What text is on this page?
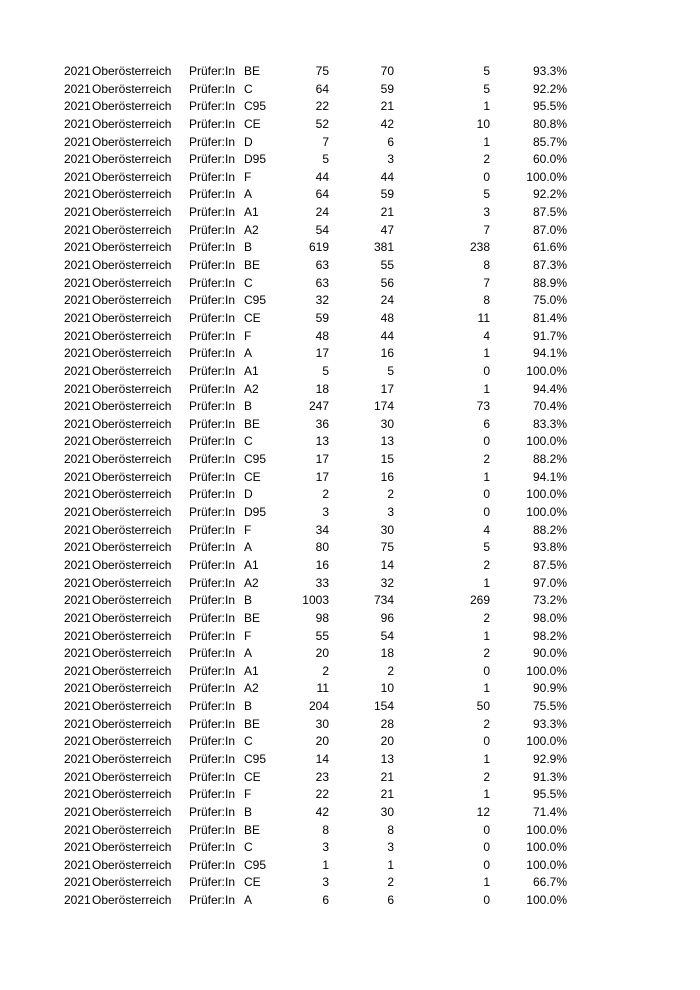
2021 Oberösterreich Prüfer:In BE	75	70	5	93.3%
2021 Oberösterreich Prüfer:In C	64	59	5	92.2%
2021 Oberösterreich Prüfer:In C95	22	21	1	95.5%
2021 Oberösterreich Prüfer:In CE	52	42	10	80.8%
2021 Oberösterreich Prüfer:In D	7	6	1	85.7%
2021 Oberösterreich Prüfer:In D95	5	3	2	60.0%
2021 Oberösterreich Prüfer:In F	44	44	0	100.0%
2021 Oberösterreich Prüfer:In A	64	59	5	92.2%
2021 Oberösterreich Prüfer:In A1	24	21	3	87.5%
2021 Oberösterreich Prüfer:In A2	54	47	7	87.0%
2021 Oberösterreich Prüfer:In B	619	381	238	61.6%
2021 Oberösterreich Prüfer:In BE	63	55	8	87.3%
2021 Oberösterreich Prüfer:In C	63	56	7	88.9%
2021 Oberösterreich Prüfer:In C95	32	24	8	75.0%
2021 Oberösterreich Prüfer:In CE	59	48	11	81.4%
2021 Oberösterreich Prüfer:In F	48	44	4	91.7%
2021 Oberösterreich Prüfer:In A	17	16	1	94.1%
2021 Oberösterreich Prüfer:In A1	5	5	0	100.0%
2021 Oberösterreich Prüfer:In A2	18	17	1	94.4%
2021 Oberösterreich Prüfer:In B	247	174	73	70.4%
2021 Oberösterreich Prüfer:In BE	36	30	6	83.3%
2021 Oberösterreich Prüfer:In C	13	13	0	100.0%
2021 Oberösterreich Prüfer:In C95	17	15	2	88.2%
2021 Oberösterreich Prüfer:In CE	17	16	1	94.1%
2021 Oberösterreich Prüfer:In D	2	2	0	100.0%
2021 Oberösterreich Prüfer:In D95	3	3	0	100.0%
2021 Oberösterreich Prüfer:In F	34	30	4	88.2%
2021 Oberösterreich Prüfer:In A	80	75	5	93.8%
2021 Oberösterreich Prüfer:In A1	16	14	2	87.5%
2021 Oberösterreich Prüfer:In A2	33	32	1	97.0%
2021 Oberösterreich Prüfer:In B	1003	734	269	73.2%
2021 Oberösterreich Prüfer:In BE	98	96	2	98.0%
2021 Oberösterreich Prüfer:In F	55	54	1	98.2%
2021 Oberösterreich Prüfer:In A	20	18	2	90.0%
2021 Oberösterreich Prüfer:In A1	2	2	0	100.0%
2021 Oberösterreich Prüfer:In A2	11	10	1	90.9%
2021 Oberösterreich Prüfer:In B	204	154	50	75.5%
2021 Oberösterreich Prüfer:In BE	30	28	2	93.3%
2021 Oberösterreich Prüfer:In C	20	20	0	100.0%
2021 Oberösterreich Prüfer:In C95	14	13	1	92.9%
2021 Oberösterreich Prüfer:In CE	23	21	2	91.3%
2021 Oberösterreich Prüfer:In F	22	21	1	95.5%
2021 Oberösterreich Prüfer:In B	42	30	12	71.4%
2021 Oberösterreich Prüfer:In BE	8	8	0	100.0%
2021 Oberösterreich Prüfer:In C	3	3	0	100.0%
2021 Oberösterreich Prüfer:In C95	1	1	0	100.0%
2021 Oberösterreich Prüfer:In CE	3	2	1	66.7%
2021 Oberösterreich Prüfer:In A	6	6	0	100.0%
